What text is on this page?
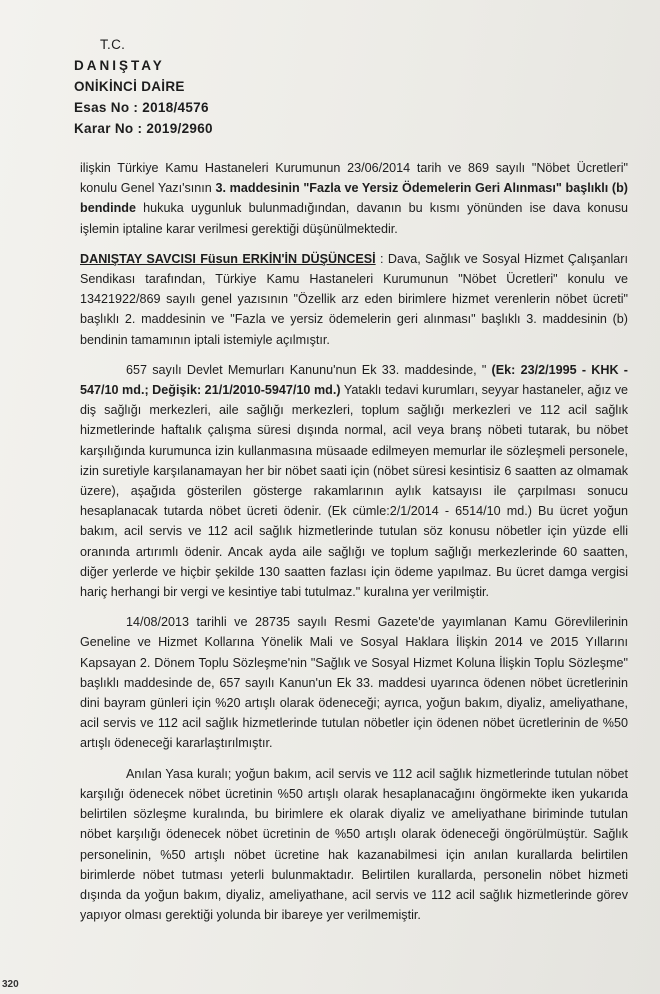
T.C.
DANIŞTAY
ONİKİNCİ DAİRE
Esas No : 2018/4576
Karar No : 2019/2960

ilişkin Türkiye Kamu Hastaneleri Kurumunun 23/06/2014 tarih ve 869 sayılı "Nöbet Ücretleri" konulu Genel Yazı'sının 3. maddesinin "Fazla ve Yersiz Ödemelerin Geri Alınması" başlıklı (b) bendinde hukuka uygunluk bulunmadığından, davanın bu kısmı yönünden ise dava konusu işlemin iptaline karar verilmesi gerektiği düşünülmektedir.

DANIŞTAY SAVCISI Füsun ERKİN'İN DÜŞÜNCESİ : Dava, Sağlık ve Sosyal Hizmet Çalışanları Sendikası tarafından, Türkiye Kamu Hastaneleri Kurumunun "Nöbet Ücretleri" konulu ve 13421922/869 sayılı genel yazısının "Özellik arz eden birimlere hizmet verenlerin nöbet ücreti" başlıklı 2. maddesinin ve "Fazla ve yersiz ödemelerin geri alınması" başlıklı 3. maddesinin (b) bendinin tamamının iptali istemiyle açılmıştır.

657 sayılı Devlet Memurları Kanunu'nun Ek 33. maddesinde, " (Ek: 23/2/1995 - KHK - 547/10 md.; Değişik: 21/1/2010-5947/10 md.) Yataklı tedavi kurumları, seyyar hastaneler, ağız ve diş sağlığı merkezleri, aile sağlığı merkezleri, toplum sağlığı merkezleri ve 112 acil sağlık hizmetlerinde haftalık çalışma süresi dışında normal, acil veya branş nöbeti tutarak, bu nöbet karşılığında kurumunca izin kullanmasına müsaade edilmeyen memurlar ile sözleşmeli personele, izin suretiyle karşılanamayan her bir nöbet saati için (nöbet süresi kesintisiz 6 saatten az olmamak üzere), aşağıda gösterilen gösterge rakamlarının aylık katsayısı ile çarpılması sonucu hesaplanacak tutarda nöbet ücreti ödenir. (Ek cümle:2/1/2014 - 6514/10 md.) Bu ücret yoğun bakım, acil servis ve 112 acil sağlık hizmetlerinde tutulan söz konusu nöbetler için yüzde elli oranında artırımlı ödenir. Ancak ayda aile sağlığı ve toplum sağlığı merkezlerinde 60 saatten, diğer yerlerde ve hiçbir şekilde 130 saatten fazlası için ödeme yapılmaz. Bu ücret damga vergisi hariç herhangi bir vergi ve kesintiye tabi tutulmaz." kuralına yer verilmiştir.

14/08/2013 tarihli ve 28735 sayılı Resmi Gazete'de yayımlanan Kamu Görevlilerinin Geneline ve Hizmet Kollarına Yönelik Mali ve Sosyal Haklara İlişkin 2014 ve 2015 Yıllarını Kapsayan 2. Dönem Toplu Sözleşme'nin "Sağlık ve Sosyal Hizmet Koluna İlişkin Toplu Sözleşme" başlıklı maddesinde de, 657 sayılı Kanun'un Ek 33. maddesi uyarınca ödenen nöbet ücretlerinin dini bayram günleri için %20 artışlı olarak ödeneceği; ayrıca, yoğun bakım, diyaliz, ameliyathane, acil servis ve 112 acil sağlık hizmetlerinde tutulan nöbetler için ödenen nöbet ücretlerinin de %50 artışlı ödeneceği kararlaştırılmıştır.

Anılan Yasa kuralı; yoğun bakım, acil servis ve 112 acil sağlık hizmetlerinde tutulan nöbet karşılığı ödenecek nöbet ücretinin %50 artışlı olarak hesaplanacağını öngörmekte iken yukarıda belirtilen sözleşme kuralında, bu birimlere ek olarak diyaliz ve ameliyathane biriminde tutulan nöbet karşılığı ödenecek nöbet ücretinin de %50 artışlı olarak ödeneceği öngörülmüştür. Sağlık personelinin, %50 artışlı nöbet ücretine hak kazanabilmesi için anılan kurallarda belirtilen birimlerde nöbet tutması yeterli bulunmaktadır. Belirtilen kurallarda, personelin nöbet hizmeti dışında da yoğun bakım, diyaliz, ameliyathane, acil servis ve 112 acil sağlık hizmetlerinde görev yapıyor olması gerektiği yolunda bir ibareye yer verilmemiştir.

320
